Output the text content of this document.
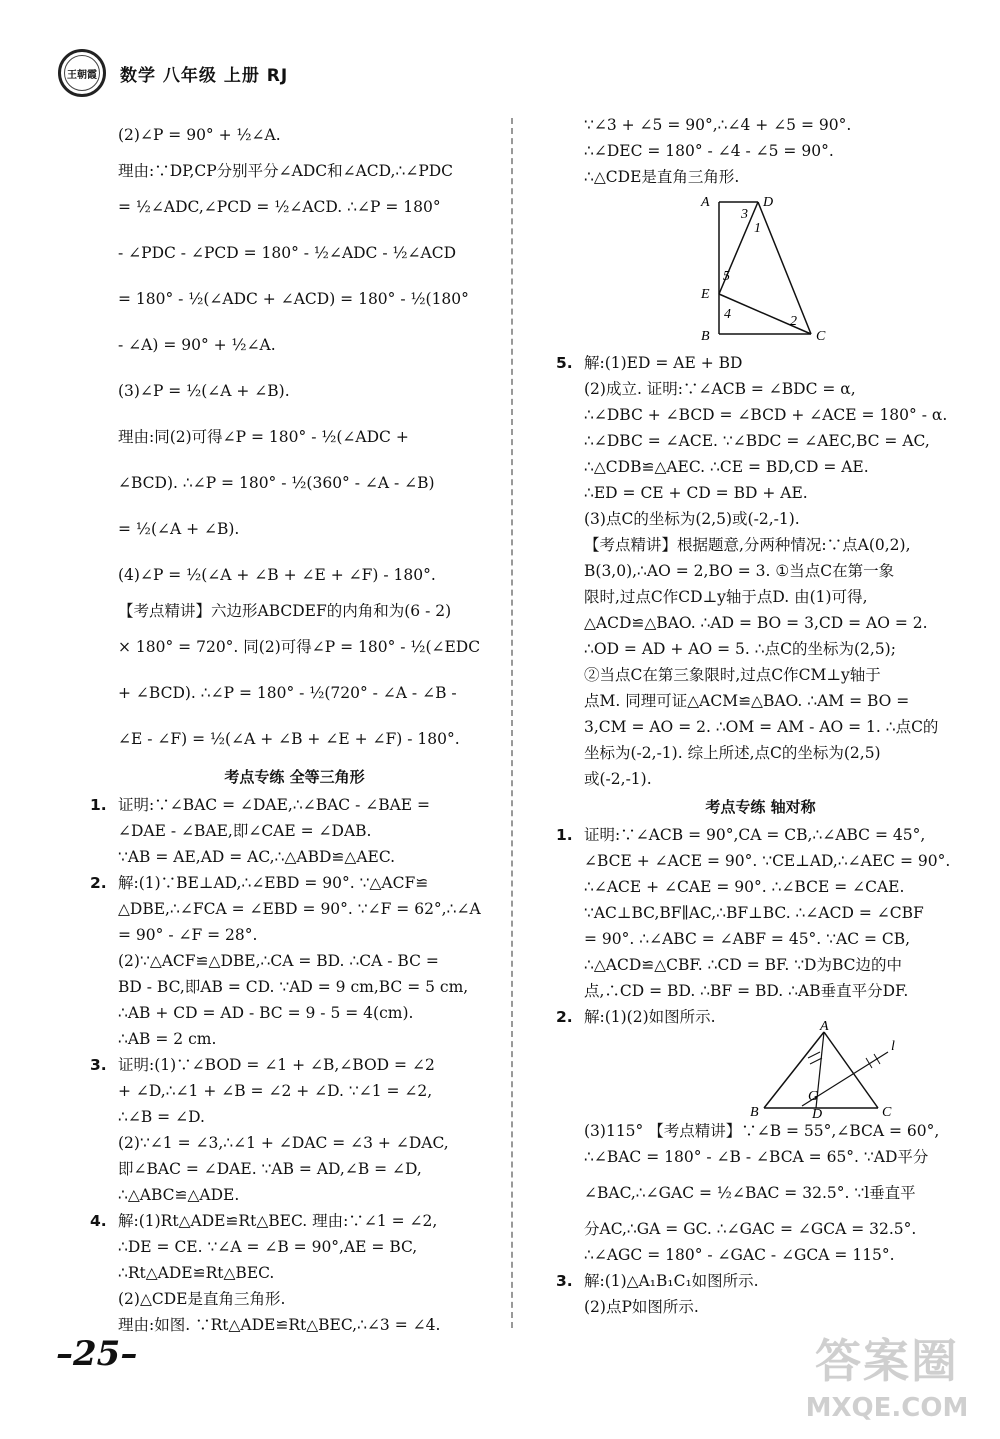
王朝霞 数学 八年级 上册 RJ
(2)∠P = 90° + ½∠A.
理由:∵DP,CP分别平分∠ADC和∠ACD,∴∠PDC
= ½∠ADC,∠PCD = ½∠ACD. ∴∠P = 180°
- ∠PDC - ∠PCD = 180° - ½∠ADC - ½∠ACD
= 180° - ½(∠ADC + ∠ACD) = 180° - ½(180°
- ∠A) = 90° + ½∠A.
(3)∠P = ½(∠A + ∠B).
理由:同(2)可得∠P = 180° - ½(∠ADC +
∠BCD). ∴∠P = 180° - ½(360° - ∠A - ∠B)
= ½(∠A + ∠B).
(4)∠P = ½(∠A + ∠B + ∠E + ∠F) - 180°.
【考点精讲】六边形ABCDEF的内角和为(6 - 2)
× 180° = 720°. 同(2)可得∠P = 180° - ½(∠EDC
+ ∠BCD). ∴∠P = 180° - ½(720° - ∠A - ∠B -
∠E - ∠F) = ½(∠A + ∠B + ∠E + ∠F) - 180°.
考点专练 全等三角形
1. 证明:∵∠BAC = ∠DAE,∴∠BAC - ∠BAE =
∠DAE - ∠BAE,即∠CAE = ∠DAB.
∵AB = AE,AD = AC,∴△ABD≌△AEC.
2. 解:(1)∵BE⊥AD,∴∠EBD = 90°. ∵△ACF≌
△DBE,∴∠FCA = ∠EBD = 90°. ∵∠F = 62°,∴∠A
= 90° - ∠F = 28°.
(2)∵△ACF≌△DBE,∴CA = BD. ∴CA - BC =
BD - BC,即AB = CD. ∵AD = 9 cm,BC = 5 cm,
∴AB + CD = AD - BC = 9 - 5 = 4(cm).
∴AB = 2 cm.
3. 证明:(1)∵∠BOD = ∠1 + ∠B,∠BOD = ∠2
+ ∠D,∴∠1 + ∠B = ∠2 + ∠D. ∵∠1 = ∠2,
∴∠B = ∠D.
(2)∵∠1 = ∠3,∴∠1 + ∠DAC = ∠3 + ∠DAC,
即∠BAC = ∠DAE. ∵AB = AD,∠B = ∠D,
∴△ABC≌△ADE.
4. 解:(1)Rt△ADE≌Rt△BEC. 理由:∵∠1 = ∠2,
∴DE = CE. ∵∠A = ∠B = 90°,AE = BC,
∴Rt△ADE≌Rt△BEC.
(2)△CDE是直角三角形.
理由:如图. ∵Rt△ADE≌Rt△BEC,∴∠3 = ∠4.
∵∠3 + ∠5 = 90°,∴∠4 + ∠5 = 90°.
∴∠DEC = 180° - ∠4 - ∠5 = 90°.
∴△CDE是直角三角形.
A	D
E
B	C
3
1
5
4	2
5. 解:(1)ED = AE + BD
(2)成立. 证明:∵∠ACB = ∠BDC = α,
∴∠DBC + ∠BCD = ∠BCD + ∠ACE = 180° - α.
∴∠DBC = ∠ACE. ∵∠BDC = ∠AEC,BC = AC,
∴△CDB≌△AEC. ∴CE = BD,CD = AE.
∴ED = CE + CD = BD + AE.
(3)点C的坐标为(2,5)或(-2,-1).
【考点精讲】根据题意,分两种情况:∵点A(0,2),
B(3,0),∴AO = 2,BO = 3. ①当点C在第一象
限时,过点C作CD⊥y轴于点D. 由(1)可得,
△ACD≌△BAO. ∴AD = BO = 3,CD = AO = 2.
∴OD = AD + AO = 5. ∴点C的坐标为(2,5);
②当点C在第三象限时,过点C作CM⊥y轴于
点M. 同理可证△ACM≌△BAO. ∴AM = BO =
3,CM = AO = 2. ∴OM = AM - AO = 1. ∴点C的
坐标为(-2,-1). 综上所述,点C的坐标为(2,5)
或(-2,-1).
考点专练 轴对称
1. 证明:∵∠ACB = 90°,CA = CB,∴∠ABC = 45°,
∠BCE + ∠ACE = 90°. ∵CE⊥AD,∴∠AEC = 90°.
∴∠ACE + ∠CAE = 90°. ∴∠BCE = ∠CAE.
∵AC⊥BC,BF∥AC,∴BF⊥BC. ∴∠ACD = ∠CBF
= 90°. ∴∠ABC = ∠ABF = 45°. ∵AC = CB,
∴△ACD≌△CBF. ∴CD = BF. ∵D为BC边的中
点,∴CD = BD. ∴BF = BD. ∴AB垂直平分DF.
2. 解:(1)(2)如图所示.
A
B	C
D
G
l
(3)115° 【考点精讲】∵∠B = 55°,∠BCA = 60°,
∴∠BAC = 180° - ∠B - ∠BCA = 65°. ∵AD平分
∠BAC,∴∠GAC = ½∠BAC = 32.5°. ∵l垂直平
分AC,∴GA = GC. ∴∠GAC = ∠GCA = 32.5°.
∴∠AGC = 180° - ∠GAC - ∠GCA = 115°.
3. 解:(1)△A₁B₁C₁如图所示.
(2)点P如图所示.
–25–	答案圈
MXQE.COM
